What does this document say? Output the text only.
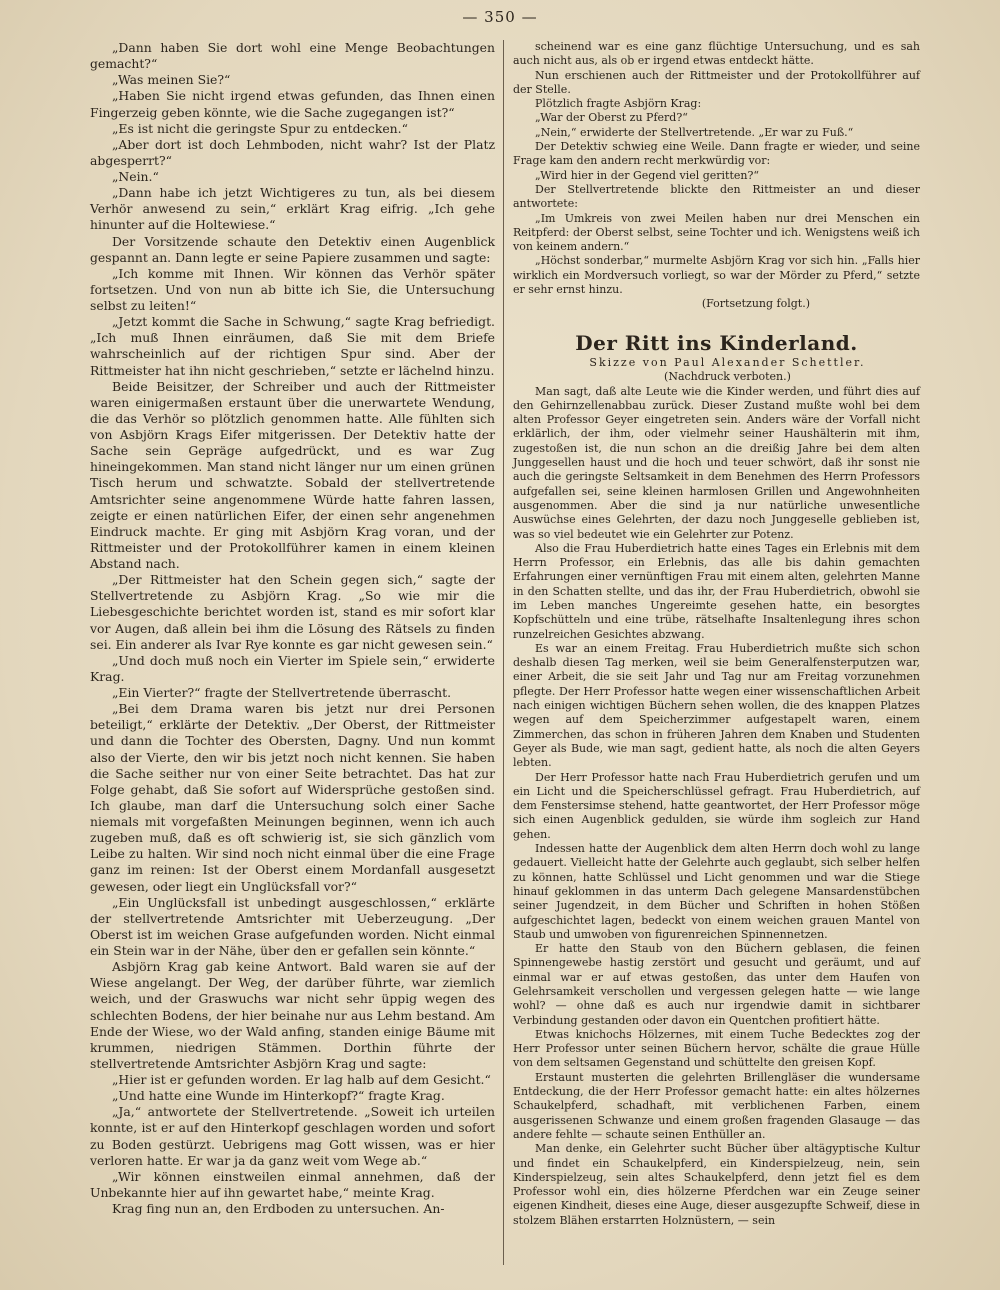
— 350 —

„Dann haben Sie dort wohl eine Menge Beobachtungen gemacht?“

„Was meinen Sie?“

„Haben Sie nicht irgend etwas gefunden, das Ihnen einen Fingerzeig geben könnte, wie die Sache zugegangen ist?“

„Es ist nicht die geringste Spur zu entdecken.“

„Aber dort ist doch Lehmboden, nicht wahr? Ist der Platz abgesperrt?“

„Nein.“

„Dann habe ich jetzt Wichtigeres zu tun, als bei diesem Verhör anwesend zu sein,“ erklärt Krag eifrig. „Ich gehe hinunter auf die Holtewiese.“

Der Vorsitzende schaute den Detektiv einen Augenblick gespannt an. Dann legte er seine Papiere zusammen und sagte:

„Ich komme mit Ihnen. Wir können das Verhör später fortsetzen. Und von nun ab bitte ich Sie, die Untersuchung selbst zu leiten!“

„Jetzt kommt die Sache in Schwung,“ sagte Krag befriedigt. „Ich muß Ihnen einräumen, daß Sie mit dem Briefe wahrscheinlich auf der richtigen Spur sind. Aber der Rittmeister hat ihn nicht geschrieben,“ setzte er lächelnd hinzu.

Beide Beisitzer, der Schreiber und auch der Rittmeister waren einigermaßen erstaunt über die unerwartete Wendung, die das Verhör so plötzlich genommen hatte. Alle fühlten sich von Asbjörn Krags Eifer mitgerissen. Der Detektiv hatte der Sache sein Gepräge aufgedrückt, und es war Zug hineingekommen. Man stand nicht länger nur um einen grünen Tisch herum und schwatzte. Sobald der stellvertretende Amtsrichter seine angenommene Würde hatte fahren lassen, zeigte er einen natürlichen Eifer, der einen sehr angenehmen Eindruck machte. Er ging mit Asbjörn Krag voran, und der Rittmeister und der Protokollführer kamen in einem kleinen Abstand nach.

„Der Rittmeister hat den Schein gegen sich,“ sagte der Stellvertretende zu Asbjörn Krag. „So wie mir die Liebesgeschichte berichtet worden ist, stand es mir sofort klar vor Augen, daß allein bei ihm die Lösung des Rätsels zu finden sei. Ein anderer als Ivar Rye konnte es gar nicht gewesen sein.“

„Und doch muß noch ein Vierter im Spiele sein,“ erwiderte Krag.

„Ein Vierter?“ fragte der Stellvertretende überrascht.

„Bei dem Drama waren bis jetzt nur drei Personen beteiligt,“ erklärte der Detektiv. „Der Oberst, der Rittmeister und dann die Tochter des Obersten, Dagny. Und nun kommt also der Vierte, den wir bis jetzt noch nicht kennen. Sie haben die Sache seither nur von einer Seite betrachtet. Das hat zur Folge gehabt, daß Sie sofort auf Widersprüche gestoßen sind. Ich glaube, man darf die Untersuchung solch einer Sache niemals mit vorgefaßten Meinungen beginnen, wenn ich auch zugeben muß, daß es oft schwierig ist, sie sich gänzlich vom Leibe zu halten. Wir sind noch nicht einmal über die eine Frage ganz im reinen: Ist der Oberst einem Mordanfall ausgesetzt gewesen, oder liegt ein Unglücksfall vor?“

„Ein Unglücksfall ist unbedingt ausgeschlossen,“ erklärte der stellvertretende Amtsrichter mit Ueberzeugung. „Der Oberst ist im weichen Grase aufgefunden worden. Nicht einmal ein Stein war in der Nähe, über den er gefallen sein könnte.“

Asbjörn Krag gab keine Antwort. Bald waren sie auf der Wiese angelangt. Der Weg, der darüber führte, war ziemlich weich, und der Graswuchs war nicht sehr üppig wegen des schlechten Bodens, der hier beinahe nur aus Lehm bestand. Am Ende der Wiese, wo der Wald anfing, standen einige Bäume mit krummen, niedrigen Stämmen. Dorthin führte der stellvertretende Amtsrichter Asbjörn Krag und sagte:

„Hier ist er gefunden worden. Er lag halb auf dem Gesicht.“

„Und hatte eine Wunde im Hinterkopf?“ fragte Krag.

„Ja,“ antwortete der Stellvertretende. „Soweit ich urteilen konnte, ist er auf den Hinterkopf geschlagen worden und sofort zu Boden gestürzt. Uebrigens mag Gott wissen, was er hier verloren hatte. Er war ja da ganz weit vom Wege ab.“

„Wir können einstweilen einmal annehmen, daß der Unbekannte hier auf ihn gewartet habe,“ meinte Krag.

Krag fing nun an, den Erdboden zu untersuchen. An-

scheinend war es eine ganz flüchtige Untersuchung, und es sah auch nicht aus, als ob er irgend etwas entdeckt hätte.

Nun erschienen auch der Rittmeister und der Protokollführer auf der Stelle.

Plötzlich fragte Asbjörn Krag:

„War der Oberst zu Pferd?“

„Nein,“ erwiderte der Stellvertretende. „Er war zu Fuß.“

Der Detektiv schwieg eine Weile. Dann fragte er wieder, und seine Frage kam den andern recht merkwürdig vor:

„Wird hier in der Gegend viel geritten?“

Der Stellvertretende blickte den Rittmeister an und dieser antwortete:

„Im Umkreis von zwei Meilen haben nur drei Menschen ein Reitpferd: der Oberst selbst, seine Tochter und ich. Wenigstens weiß ich von keinem andern.“

„Höchst sonderbar,“ murmelte Asbjörn Krag vor sich hin. „Falls hier wirklich ein Mordversuch vorliegt, so war der Mörder zu Pferd,“ setzte er sehr ernst hinzu.

(Fortsetzung folgt.)

Der Ritt ins Kinderland.

Skizze von Paul Alexander Schettler.

(Nachdruck verboten.)

Man sagt, daß alte Leute wie die Kinder werden, und führt dies auf den Gehirnzellenabbau zurück. Dieser Zustand mußte wohl bei dem alten Professor Geyer eingetreten sein. Anders wäre der Vorfall nicht erklärlich, der ihm, oder vielmehr seiner Haushälterin mit ihm, zugestoßen ist, die nun schon an die dreißig Jahre bei dem alten Junggesellen haust und die hoch und teuer schwört, daß ihr sonst nie auch die geringste Seltsamkeit in dem Benehmen des Herrn Professors aufgefallen sei, seine kleinen harmlosen Grillen und Angewohnheiten ausgenommen. Aber die sind ja nur natürliche unwesentliche Auswüchse eines Gelehrten, der dazu noch Junggeselle geblieben ist, was so viel bedeutet wie ein Gelehrter zur Potenz.

Also die Frau Huberdietrich hatte eines Tages ein Erlebnis mit dem Herrn Professor, ein Erlebnis, das alle bis dahin gemachten Erfahrungen einer vernünftigen Frau mit einem alten, gelehrten Manne in den Schatten stellte, und das ihr, der Frau Huberdietrich, obwohl sie im Leben manches Ungereimte gesehen hatte, ein besorgtes Kopfschütteln und eine trübe, rätselhafte Insaltenlegung ihres schon runzelreichen Gesichtes abzwang.

Es war an einem Freitag. Frau Huberdietrich mußte sich schon deshalb diesen Tag merken, weil sie beim Generalfensterputzen war, einer Arbeit, die sie seit Jahr und Tag nur am Freitag vorzunehmen pflegte. Der Herr Professor hatte wegen einer wissenschaftlichen Arbeit nach einigen wichtigen Büchern sehen wollen, die des knappen Platzes wegen auf dem Speicherzimmer aufgestapelt waren, einem Zimmerchen, das schon in früheren Jahren dem Knaben und Studenten Geyer als Bude, wie man sagt, gedient hatte, als noch die alten Geyers lebten.

Der Herr Professor hatte nach Frau Huberdietrich gerufen und um ein Licht und die Speicherschlüssel gefragt. Frau Huberdietrich, auf dem Fenstersimse stehend, hatte geantwortet, der Herr Professor möge sich einen Augenblick gedulden, sie würde ihm sogleich zur Hand gehen.

Indessen hatte der Augenblick dem alten Herrn doch wohl zu lange gedauert. Vielleicht hatte der Gelehrte auch geglaubt, sich selber helfen zu können, hatte Schlüssel und Licht genommen und war die Stiege hinauf geklommen in das unterm Dach gelegene Mansardenstübchen seiner Jugendzeit, in dem Bücher und Schriften in hohen Stößen aufgeschichtet lagen, bedeckt von einem weichen grauen Mantel von Staub und umwoben von figurenreichen Spinnennetzen.

Er hatte den Staub von den Büchern geblasen, die feinen Spinnengewebe hastig zerstört und gesucht und geräumt, und auf einmal war er auf etwas gestoßen, das unter dem Haufen von Gelehrsamkeit verschollen und vergessen gelegen hatte — wie lange wohl? — ohne daß es auch nur irgendwie damit in sichtbarer Verbindung gestanden oder davon ein Quentchen profitiert hätte.

Etwas knichochs Hölzernes, mit einem Tuche Bedecktes zog der Herr Professor unter seinen Büchern hervor, schälte die graue Hülle von dem seltsamen Gegenstand und schüttelte den greisen Kopf.

Erstaunt musterten die gelehrten Brillengläser die wundersame Entdeckung, die der Herr Professor gemacht hatte: ein altes hölzernes Schaukelpferd, schadhaft, mit verblichenen Farben, einem ausgerissenen Schwanze und einem großen fragenden Glasauge — das andere fehlte — schaute seinen Enthüller an.

Man denke, ein Gelehrter sucht Bücher über altägyptische Kultur und findet ein Schaukelpferd, ein Kinderspielzeug, nein, sein Kinderspielzeug, sein altes Schaukelpferd, denn jetzt fiel es dem Professor wohl ein, dies hölzerne Pferdchen war ein Zeuge seiner eigenen Kindheit, dieses eine Auge, dieser ausgezupfte Schweif, diese in stolzem Blähen erstarrten Holznüstern, — sein
